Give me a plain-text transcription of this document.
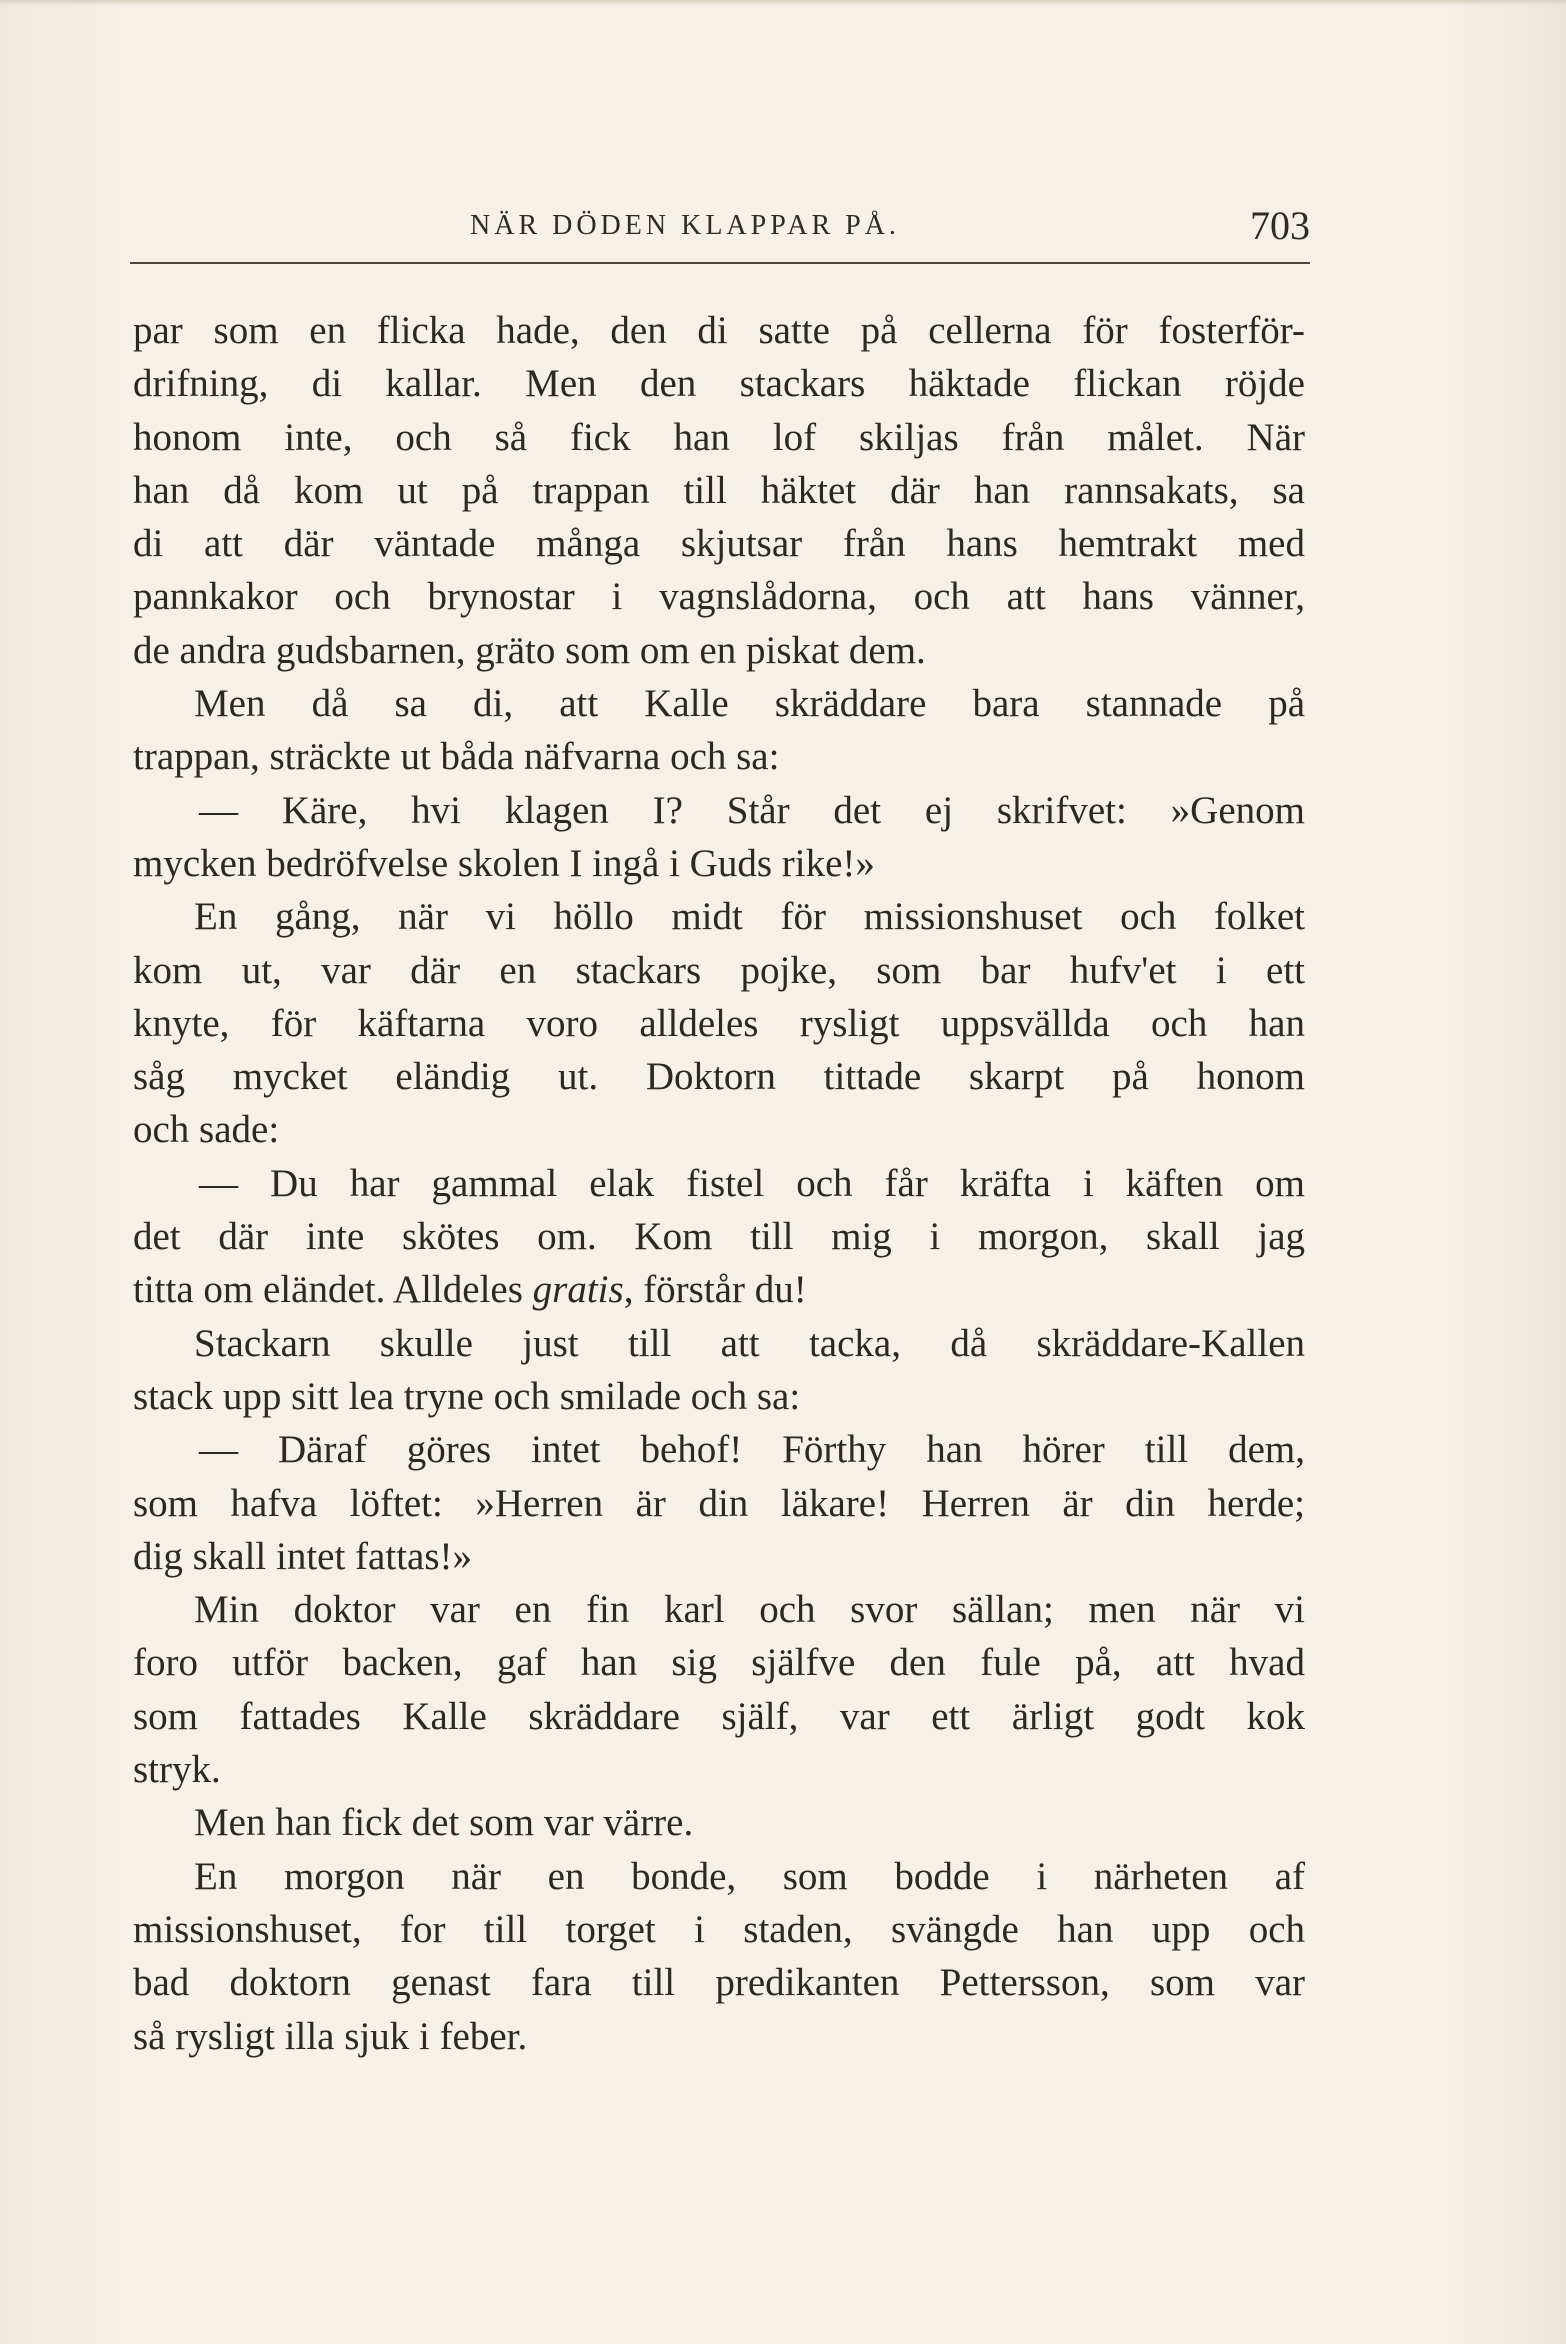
NÄR DÖDEN KLAPPAR PÅ.	703
par som en flicka hade, den di satte på cellerna för fosterför-
drifning, di kallar. Men den stackars häktade flickan röjde
honom inte, och så fick han lof skiljas från målet. När
han då kom ut på trappan till häktet där han rannsakats, sa
di att där väntade många skjutsar från hans hemtrakt med
pannkakor och brynostar i vagnslådorna, och att hans vänner,
de andra gudsbarnen, gräto som om en piskat dem.
Men då sa di, att Kalle skräddare bara stannade på
trappan, sträckte ut båda näfvarna och sa:
— Käre, hvi klagen I? Står det ej skrifvet: »Genom
mycken bedröfvelse skolen I ingå i Guds rike!»
En gång, när vi höllo midt för missionshuset och folket
kom ut, var där en stackars pojke, som bar hufv'et i ett
knyte, för käftarna voro alldeles rysligt uppsvällda och han
såg mycket eländig ut. Doktorn tittade skarpt på honom
och sade:
— Du har gammal elak fistel och får kräfta i käften om
det där inte skötes om. Kom till mig i morgon, skall jag
titta om eländet. Alldeles gratis, förstår du!
Stackarn skulle just till att tacka, då skräddare-Kallen
stack upp sitt lea tryne och smilade och sa:
— Däraf göres intet behof! Förthy han hörer till dem,
som hafva löftet: »Herren är din läkare! Herren är din herde;
dig skall intet fattas!»
Min doktor var en fin karl och svor sällan; men när vi
foro utför backen, gaf han sig själfve den fule på, att hvad
som fattades Kalle skräddare själf, var ett ärligt godt kok
stryk.
Men han fick det som var värre.
En morgon när en bonde, som bodde i närheten af
missionshuset, for till torget i staden, svängde han upp och
bad doktorn genast fara till predikanten Pettersson, som var
så rysligt illa sjuk i feber.
